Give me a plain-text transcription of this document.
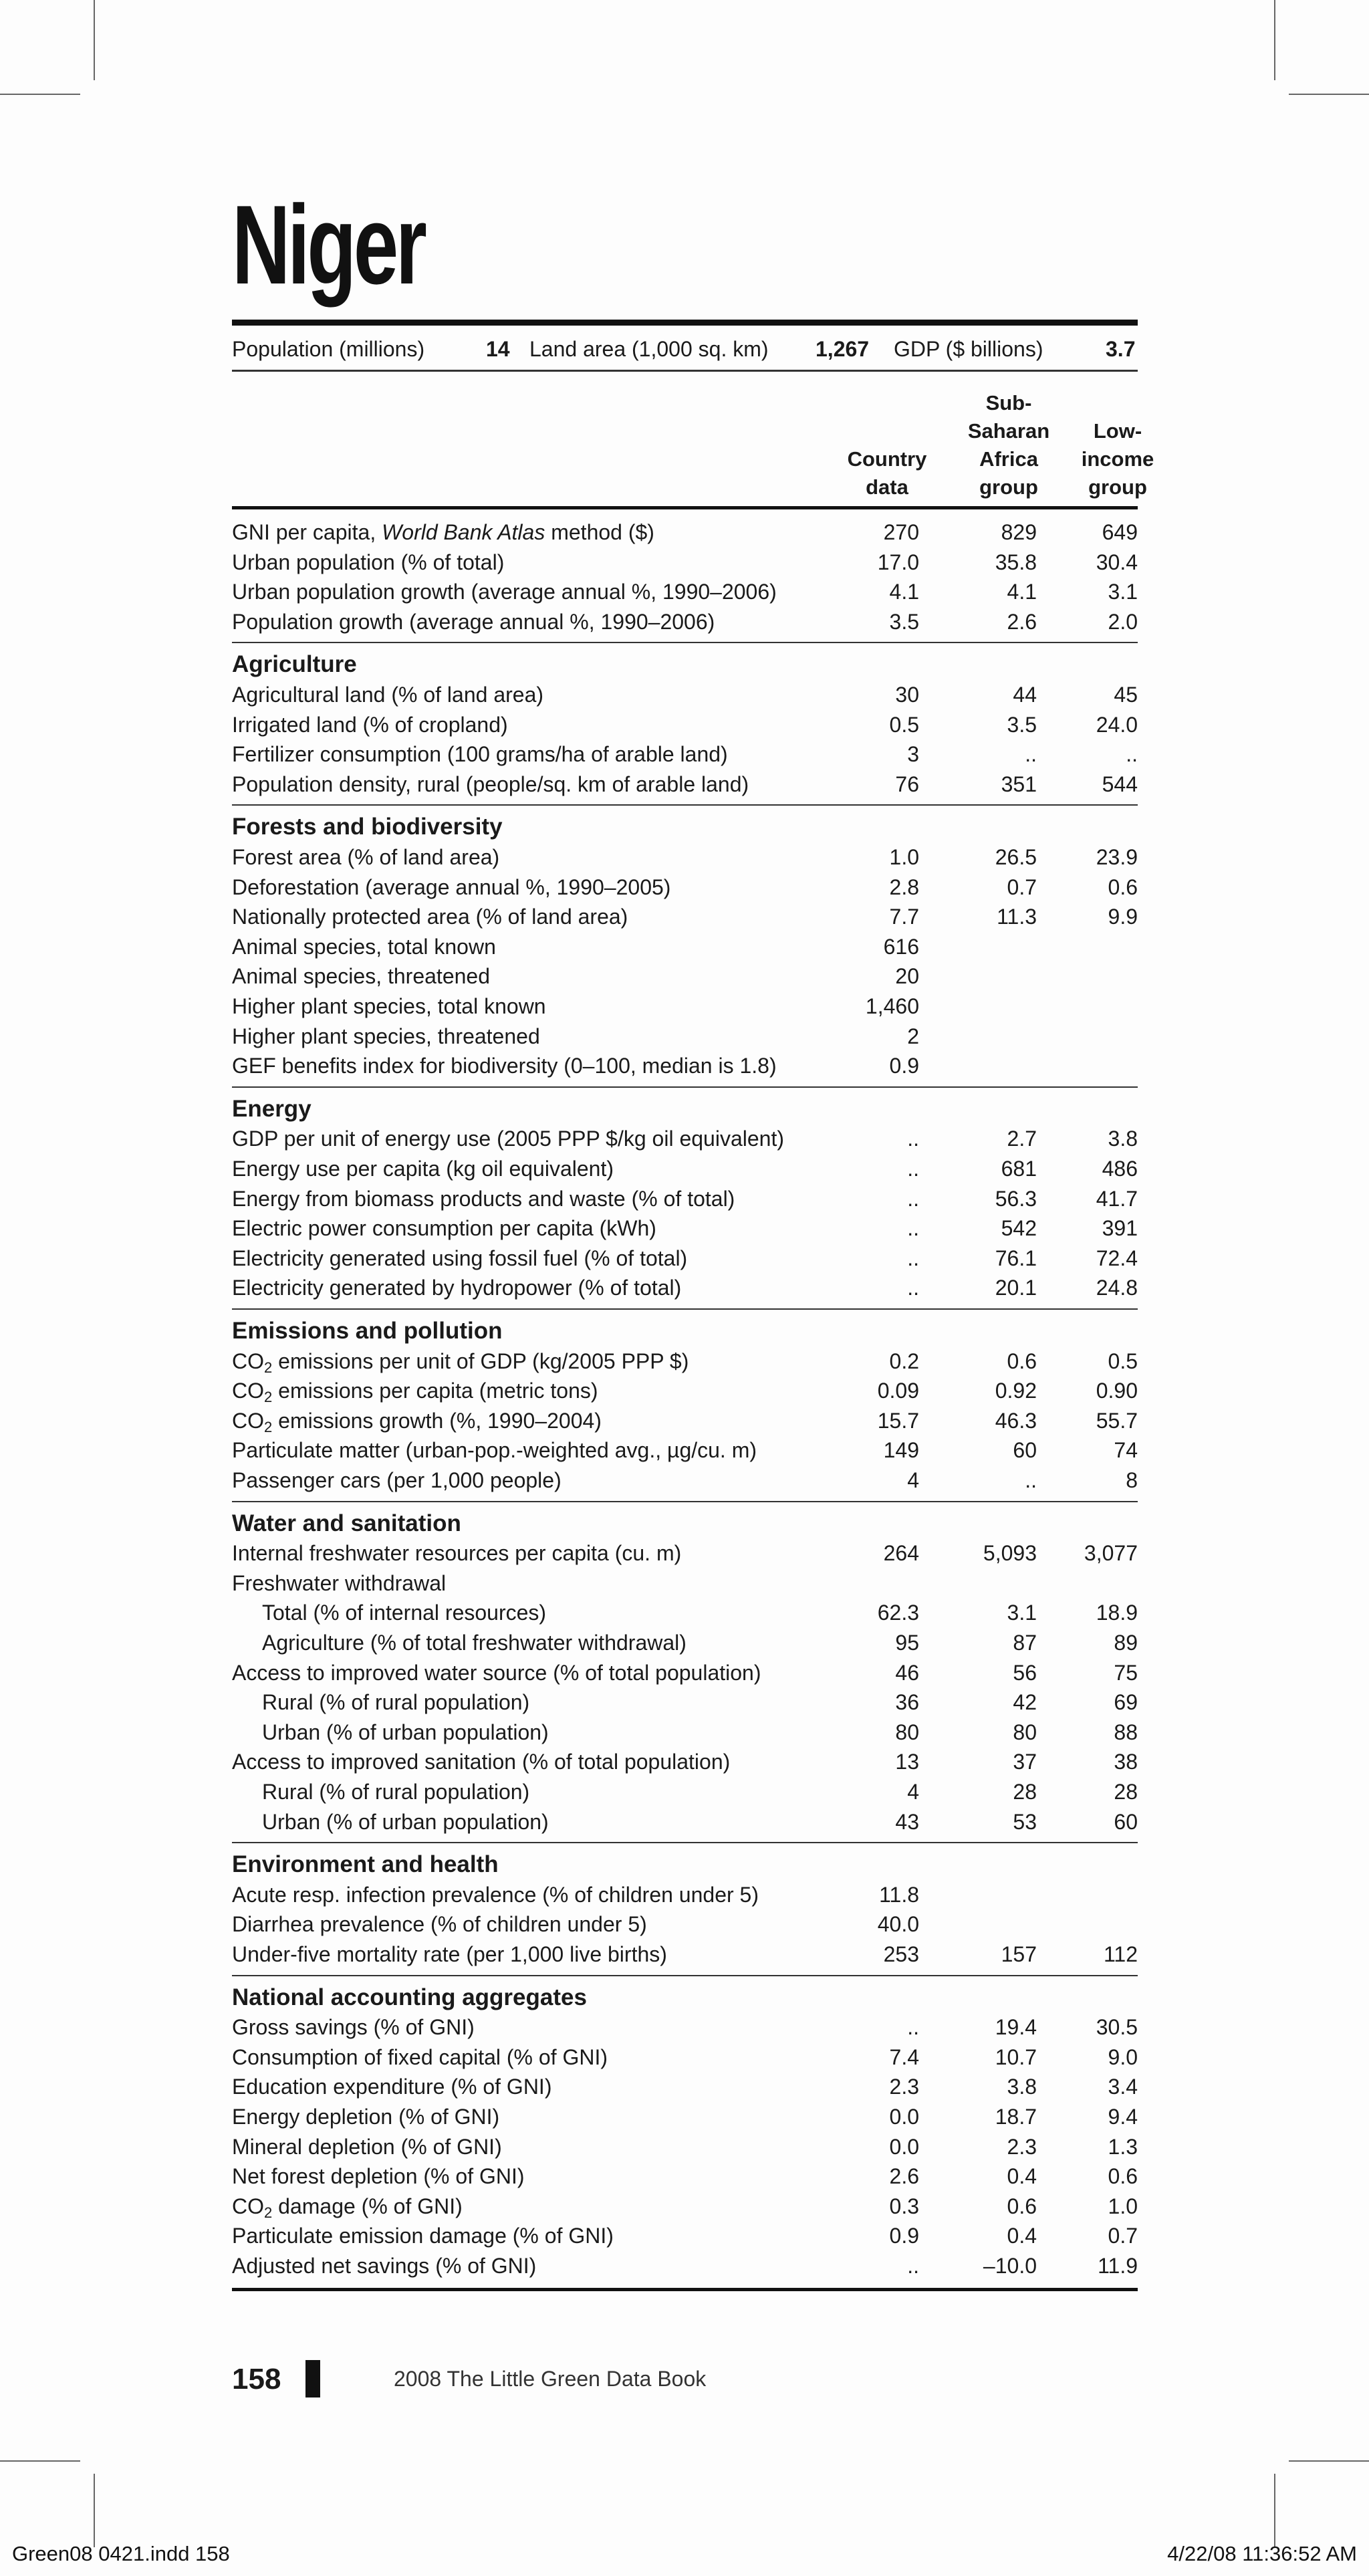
Niger
Population (millions)	14 Land area (1,000 sq. km) 1,267 GDP ($ billions)	3.7
Country
data
Sub-
Saharan
Africa
group
Low-
income
group
GNI per capita, World Bank Atlas method ($)	270	829	649
Urban population (% of total)	17.0	35.8	30.4
Urban population growth (average annual %, 1990–2006)	4.1	4.1	3.1
Population growth (average annual %, 1990–2006)	3.5	2.6	2.0
Agriculture
Agricultural land (% of land area)	30	44	45
Irrigated land (% of cropland)	0.5	3.5	24.0
Fertilizer consumption (100 grams/ha of arable land)	3	..	..
Population density, rural (people/sq. km of arable land)	76	351	544
Forests and biodiversity
Forest area (% of land area)	1.0	26.5	23.9
Deforestation (average annual %, 1990–2005)	2.8	0.7	0.6
Nationally protected area (% of land area)	7.7	11.3	9.9
Animal species, total known	616
Animal species, threatened	20
Higher plant species, total known	1,460
Higher plant species, threatened	2
GEF benefits index for biodiversity (0–100, median is 1.8)	0.9
Energy
GDP per unit of energy use (2005 PPP $/kg oil equivalent)	..	2.7	3.8
Energy use per capita (kg oil equivalent)	..	681	486
Energy from biomass products and waste (% of total)	..	56.3	41.7
Electric power consumption per capita (kWh)	..	542	391
Electricity generated using fossil fuel (% of total)	..	76.1	72.4
Electricity generated by hydropower (% of total)	..	20.1	24.8
Emissions and pollution
$CO_2$ emissions per unit of GDP (kg/2005 PPP $)	0.2	0.6	0.5
$CO_2$ emissions per capita (metric tons)	0.09	0.92	0.90
$CO_2$ emissions growth (%, 1990–2004)	15.7	46.3	55.7
Particulate matter (urban-pop.-weighted avg., µg/cu. m)	149	60	74
Passenger cars (per 1,000 people)	4	..	8
Water and sanitation
Internal freshwater resources per capita (cu. m)	264	5,093	3,077
Freshwater withdrawal
Total (% of internal resources)	62.3	3.1	18.9
Agriculture (% of total freshwater withdrawal)	95	87	89
Access to improved water source (% of total population)	46	56	75
Rural (% of rural population)	36	42	69
Urban (% of urban population)	80	80	88
Access to improved sanitation (% of total population)	13	37	38
Rural (% of rural population)	4	28	28
Urban (% of urban population)	43	53	60
Environment and health
Acute resp. infection prevalence (% of children under 5)	11.8
Diarrhea prevalence (% of children under 5)	40.0
Under-five mortality rate (per 1,000 live births)	253	157	112
National accounting aggregates
Gross savings (% of GNI)	..	19.4	30.5
Consumption of fixed capital (% of GNI)	7.4	10.7	9.0
Education expenditure (% of GNI)	2.3	3.8	3.4
Energy depletion (% of GNI)	0.0	18.7	9.4
Mineral depletion (% of GNI)	0.0	2.3	1.3
Net forest depletion (% of GNI)	2.6	0.4	0.6
$CO_2$ damage (% of GNI)	0.3	0.6	1.0
Particulate emission damage (% of GNI)	0.9	0.4	0.7
Adjusted net savings (% of GNI)	..	–10.0	11.9
158	2008 The Little Green Data Book
Green08 0421.indd 158	4/22/08 11:36:52 AM
